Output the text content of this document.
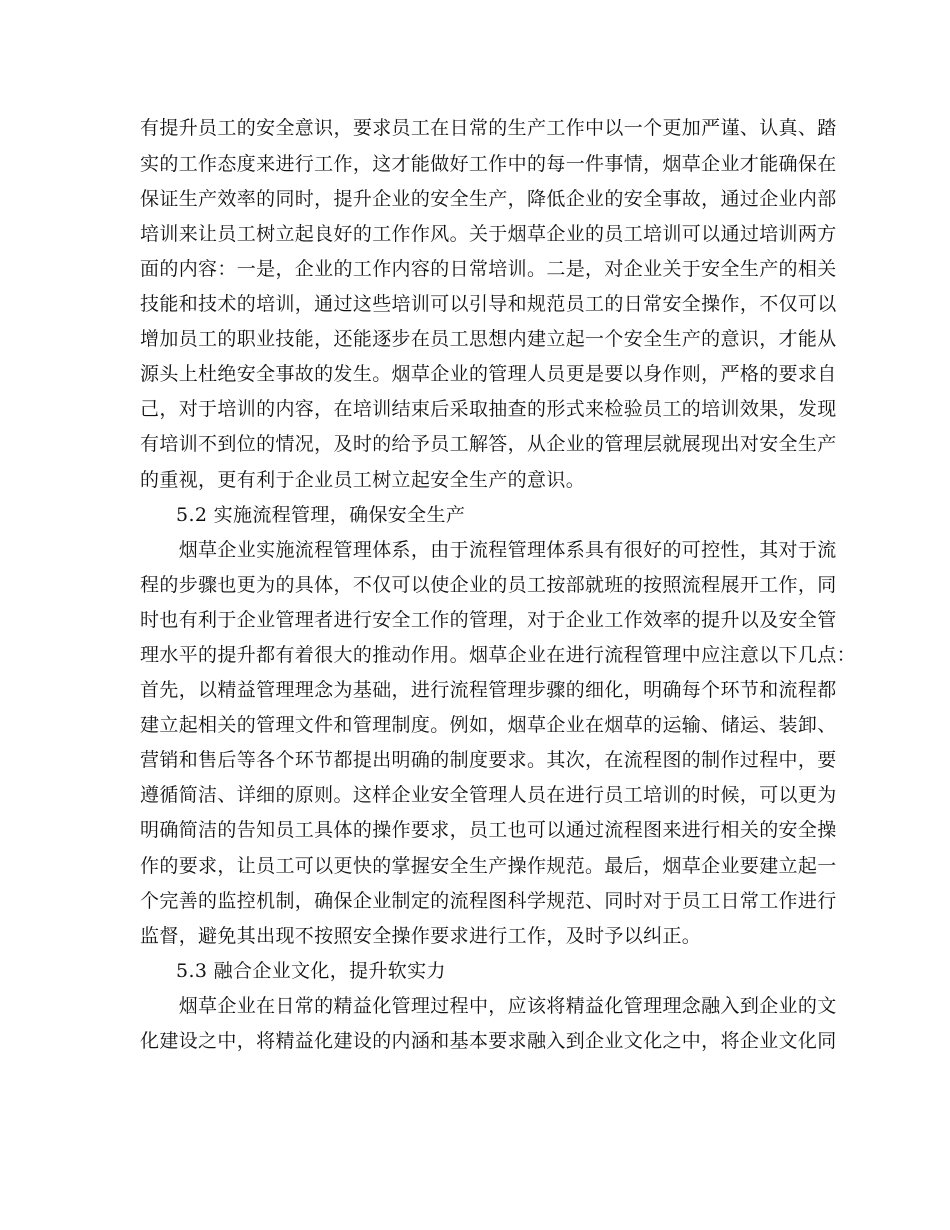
有提升员工的安全意识，要求员工在日常的生产工作中以一个更加严谨、认真、踏
实的工作态度来进行工作，这才能做好工作中的每一件事情，烟草企业才能确保在
保证生产效率的同时，提升企业的安全生产，降低企业的安全事故，通过企业内部
培训来让员工树立起良好的工作作风。关于烟草企业的员工培训可以通过培训两方
面的内容：一是，企业的工作内容的日常培训。二是，对企业关于安全生产的相关
技能和技术的培训，通过这些培训可以引导和规范员工的日常安全操作，不仅可以
增加员工的职业技能，还能逐步在员工思想内建立起一个安全生产的意识，才能从
源头上杜绝安全事故的发生。烟草企业的管理人员更是要以身作则，严格的要求自
己，对于培训的内容，在培训结束后采取抽查的形式来检验员工的培训效果，发现
有培训不到位的情况，及时的给予员工解答，从企业的管理层就展现出对安全生产
的重视，更有利于企业员工树立起安全生产的意识。
5.2 实施流程管理，确保安全生产
　　烟草企业实施流程管理体系，由于流程管理体系具有很好的可控性，其对于流
程的步骤也更为的具体，不仅可以使企业的员工按部就班的按照流程展开工作，同
时也有利于企业管理者进行安全工作的管理，对于企业工作效率的提升以及安全管
理水平的提升都有着很大的推动作用。烟草企业在进行流程管理中应注意以下几点：
首先，以精益管理理念为基础，进行流程管理步骤的细化，明确每个环节和流程都
建立起相关的管理文件和管理制度。例如，烟草企业在烟草的运输、储运、装卸、
营销和售后等各个环节都提出明确的制度要求。其次，在流程图的制作过程中，要
遵循简洁、详细的原则。这样企业安全管理人员在进行员工培训的时候，可以更为
明确简洁的告知员工具体的操作要求，员工也可以通过流程图来进行相关的安全操
作的要求，让员工可以更快的掌握安全生产操作规范。最后，烟草企业要建立起一
个完善的监控机制，确保企业制定的流程图科学规范、同时对于员工日常工作进行
监督，避免其出现不按照安全操作要求进行工作，及时予以纠正。
5.3 融合企业文化，提升软实力
　　烟草企业在日常的精益化管理过程中，应该将精益化管理理念融入到企业的文
化建设之中，将精益化建设的内涵和基本要求融入到企业文化之中，将企业文化同
